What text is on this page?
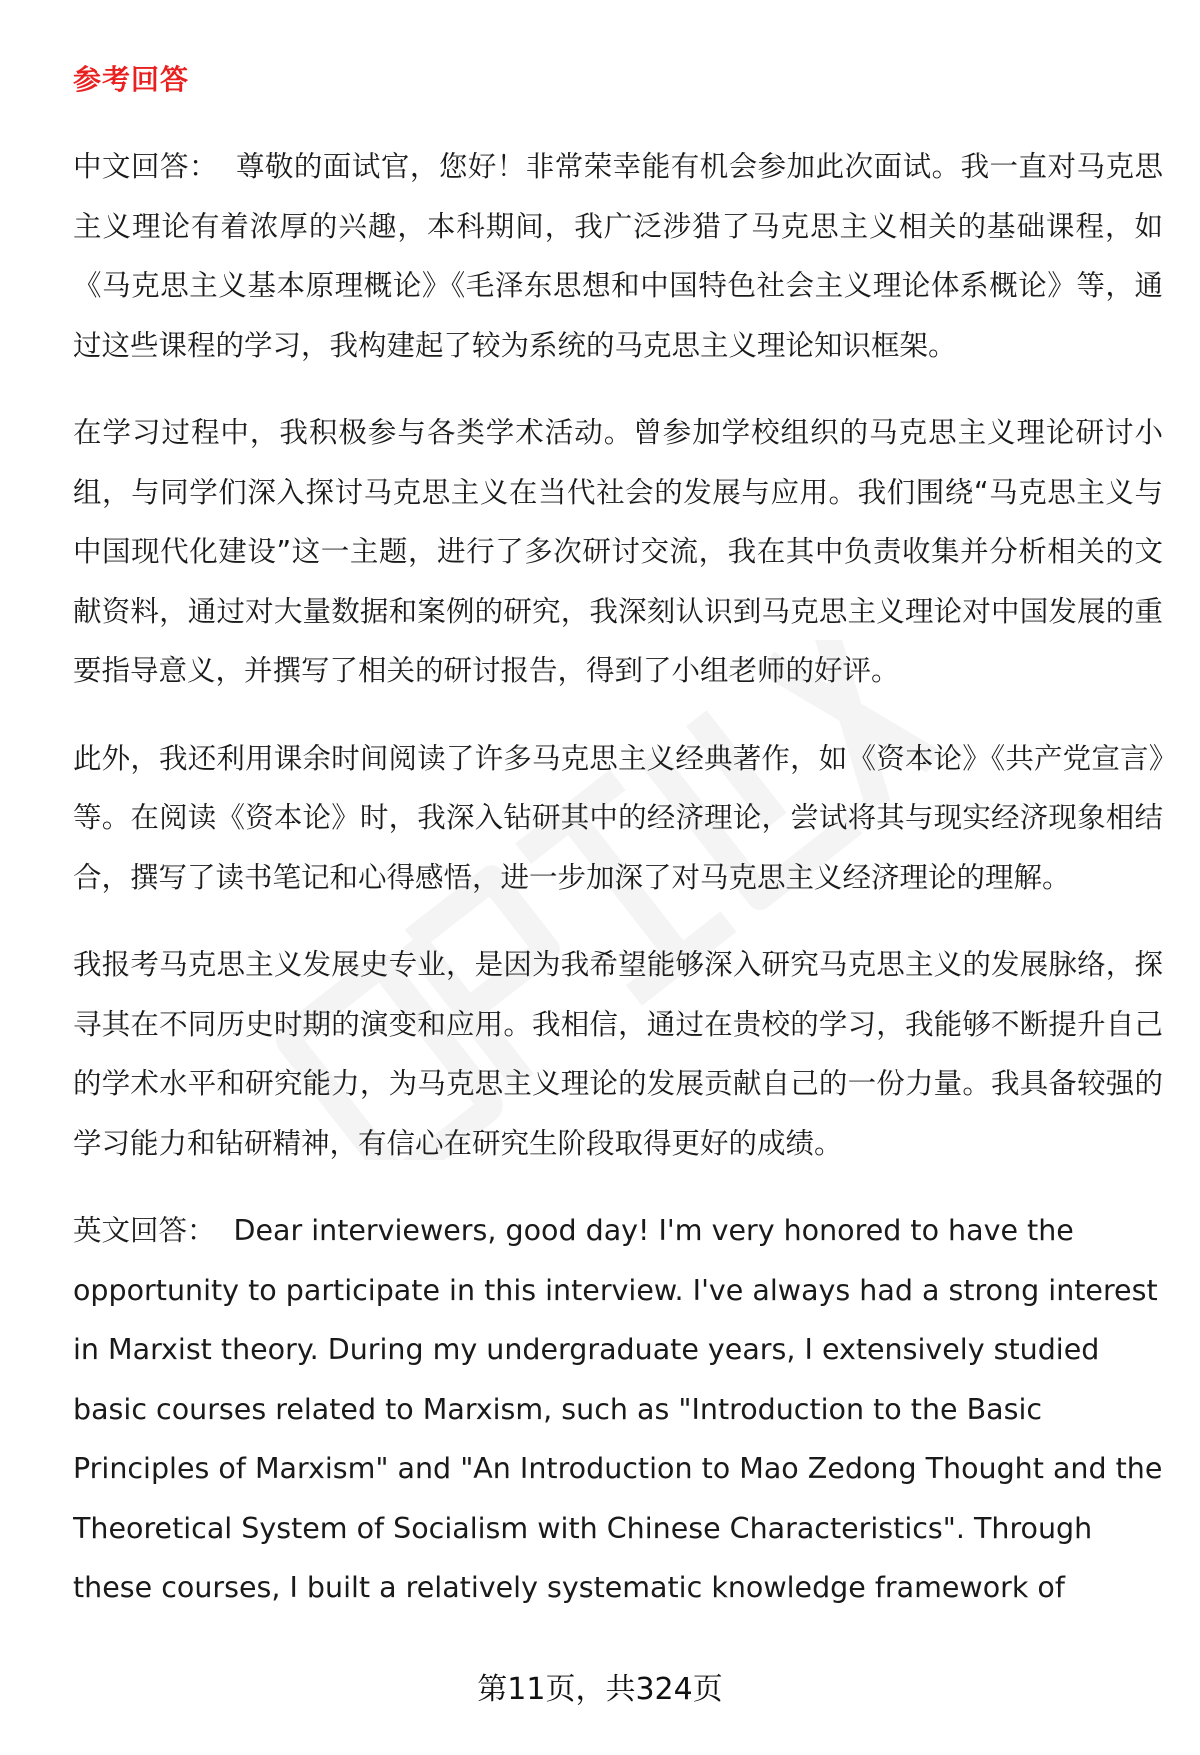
参考回答

中文回答： 尊敬的面试官，您好！非常荣幸能有机会参加此次面试。我一直对马克思主义理论有着浓厚的兴趣，本科期间，我广泛涉猎了马克思主义相关的基础课程，如《马克思主义基本原理概论》《毛泽东思想和中国特色社会主义理论体系概论》等，通过这些课程的学习，我构建起了较为系统的马克思主义理论知识框架。

在学习过程中，我积极参与各类学术活动。曾参加学校组织的马克思主义理论研讨小组，与同学们深入探讨马克思主义在当代社会的发展与应用。我们围绕“马克思主义与中国现代化建设”这一主题，进行了多次研讨交流，我在其中负责收集并分析相关的文献资料，通过对大量数据和案例的研究，我深刻认识到马克思主义理论对中国发展的重要指导意义，并撰写了相关的研讨报告，得到了小组老师的好评。

此外，我还利用课余时间阅读了许多马克思主义经典著作，如《资本论》《共产党宣言》等。在阅读《资本论》时，我深入钻研其中的经济理论，尝试将其与现实经济现象相结合，撰写了读书笔记和心得感悟，进一步加深了对马克思主义经济理论的理解。

我报考马克思主义发展史专业，是因为我希望能够深入研究马克思主义的发展脉络，探寻其在不同历史时期的演变和应用。我相信，通过在贵校的学习，我能够不断提升自己的学术水平和研究能力，为马克思主义理论的发展贡献自己的一份力量。我具备较强的学习能力和钻研精神，有信心在研究生阶段取得更好的成绩。

英文回答： Dear interviewers, good day! I'm very honored to have the opportunity to participate in this interview. I've always had a strong interest in Marxist theory. During my undergraduate years, I extensively studied basic courses related to Marxism, such as "Introduction to the Basic Principles of Marxism" and "An Introduction to Mao Zedong Thought and the Theoretical System of Socialism with Chinese Characteristics". Through these courses, I built a relatively systematic knowledge framework of

第11页，共324页
